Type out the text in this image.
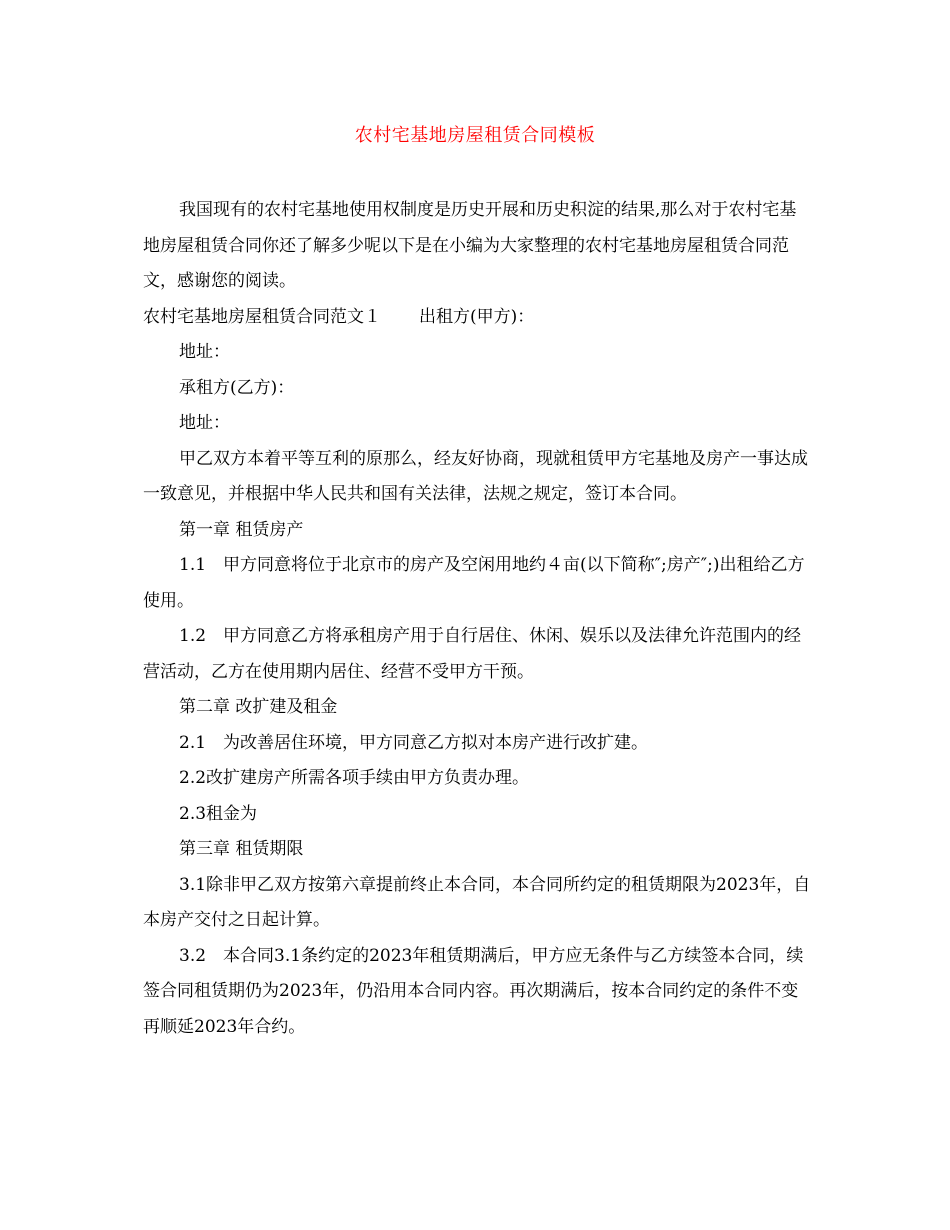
农村宅基地房屋租赁合同模板

我国现有的农村宅基地使用权制度是历史开展和历史积淀的结果,那么对于农村宅基地房屋租赁合同你还了解多少呢以下是在小编为大家整理的农村宅基地房屋租赁合同范文，感谢您的阅读。

农村宅基地房屋租赁合同范文１ 出租方(甲方)：

地址：

承租方(乙方)：

地址：

甲乙双方本着平等互利的原那么，经友好协商，现就租赁甲方宅基地及房产一事达成一致意见，并根据中华人民共和国有关法律，法规之规定，签订本合同。

第一章 租赁房产

1.1　甲方同意将位于北京市的房产及空闲用地约４亩(以下简称″;房产″;)出租给乙方使用。

1.2　甲方同意乙方将承租房产用于自行居住、休闲、娱乐以及法律允许范围内的经营活动，乙方在使用期内居住、经营不受甲方干预。

第二章 改扩建及租金

2.1　为改善居住环境，甲方同意乙方拟对本房产进行改扩建。

2.2改扩建房产所需各项手续由甲方负责办理。

2.3租金为

第三章 租赁期限

3.1除非甲乙双方按第六章提前终止本合同，本合同所约定的租赁期限为2023年，自本房产交付之日起计算。

3.2　本合同3.1条约定的2023年租赁期满后，甲方应无条件与乙方续签本合同，续签合同租赁期仍为2023年，仍沿用本合同内容。再次期满后，按本合同约定的条件不变再顺延2023年合约。
